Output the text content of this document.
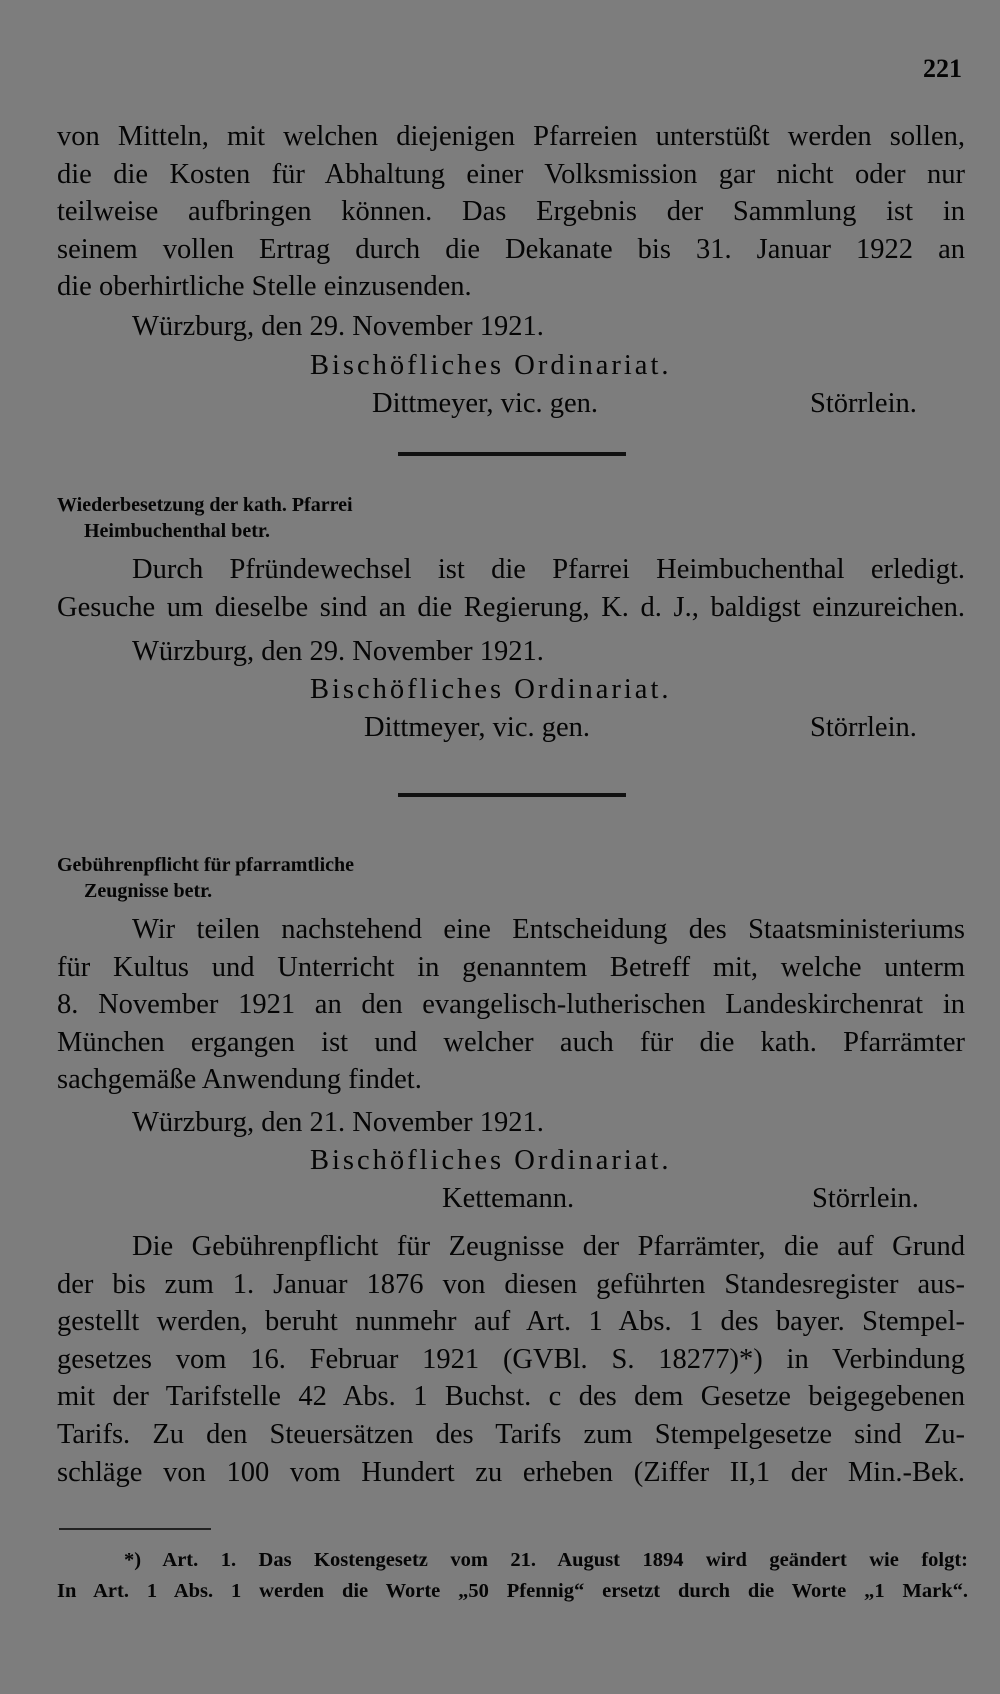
221
von Mitteln, mit welchen diejenigen Pfarreien unterstüßt werden sollen,
die die Kosten für Abhaltung einer Volksmission gar nicht oder nur
teilweise aufbringen können. Das Ergebnis der Sammlung ist in
seinem vollen Ertrag durch die Dekanate bis 31. Januar 1922 an
die oberhirtliche Stelle einzusenden.
Würzburg, den 29. November 1921.
Bischöfliches Ordinariat.
Dittmeyer, vic. gen.	Störrlein.
Wiederbesetzung der kath. Pfarrei
Heimbuchenthal betr.
Durch Pfründewechsel ist die Pfarrei Heimbuchenthal erledigt.
Gesuche um dieselbe sind an die Regierung, K. d. J., baldigst einzureichen.
Würzburg, den 29. November 1921.
Bischöfliches Ordinariat.
Dittmeyer, vic. gen.	Störrlein.
Gebührenpflicht für pfarramtliche
Zeugnisse betr.
Wir teilen nachstehend eine Entscheidung des Staatsministeriums
für Kultus und Unterricht in genanntem Betreff mit, welche unterm
8. November 1921 an den evangelisch-lutherischen Landeskirchenrat in
München ergangen ist und welcher auch für die kath. Pfarrämter
sachgemäße Anwendung findet.
Würzburg, den 21. November 1921.
Bischöfliches Ordinariat.
Kettemann.	Störrlein.
Die Gebührenpflicht für Zeugnisse der Pfarrämter, die auf Grund
der bis zum 1. Januar 1876 von diesen geführten Standesregister aus-
gestellt werden, beruht nunmehr auf Art. 1 Abs. 1 des bayer. Stempel-
gesetzes vom 16. Februar 1921 (GVBl. S. 18277)*) in Verbindung
mit der Tarifstelle 42 Abs. 1 Buchst. c des dem Gesetze beigegebenen
Tarifs. Zu den Steuersätzen des Tarifs zum Stempelgesetze sind Zu-
schläge von 100 vom Hundert zu erheben (Ziffer II,1 der Min.-Bek.
*) Art. 1. Das Kostengesetz vom 21. August 1894 wird geändert wie folgt:
In Art. 1 Abs. 1 werden die Worte „50 Pfennig“ ersetzt durch die Worte „1 Mark“.
